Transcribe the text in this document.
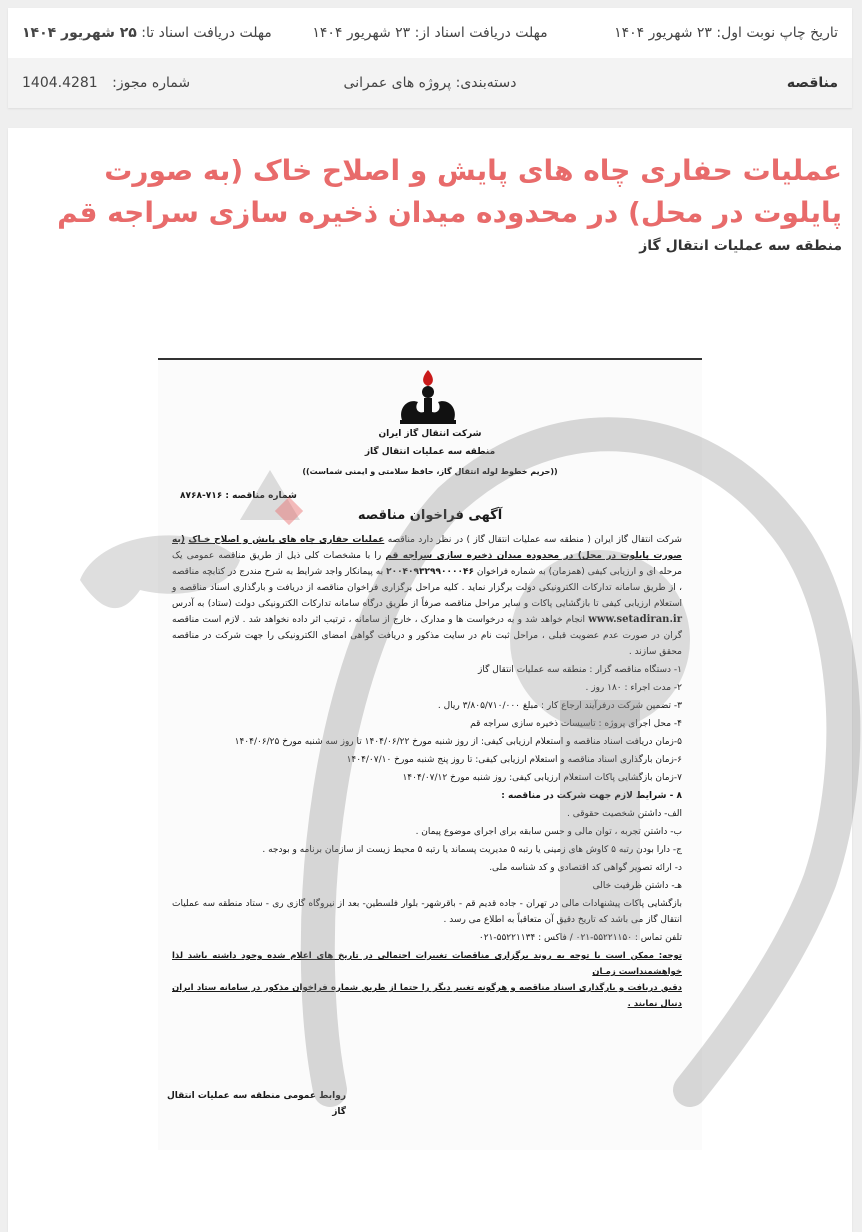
تاریخ چاپ نوبت اول: ۲۳ شهریور ۱۴۰۴
مهلت دریافت اسناد از: ۲۳ شهریور ۱۴۰۴
مهلت دریافت اسناد تا: ۲۵ شهریور ۱۴۰۴
مناقصه
دسته‌بندی: پروژه های عمرانی
شماره مجوز: 1404.4281
عملیات حفاری چاه های پایش و اصلاح خاک (به صورت پایلوت در محل) در محدوده میدان ذخیره سازی سراجه قم
منطقه سه عملیات انتقال گاز
شرکت انتقال گاز ایران
منطقه سه عملیات انتقال گاز
((حریم خطوط لوله انتقال گاز، حافظ سلامتی و ایمنی شماست))
شماره مناقصه : ۷۱۶-۸۷۶۸
آگهی فراخوان مناقصه

شرکت انتقال گاز ایران ( منطقه سه عملیات انتقال گاز ) در نظر دارد مناقصه عملیات حفاری چاه های پایش و اصلاح خـاک (به صورت پایلوت در محل) در محدوده میدان ذخیره سازی سراجه قم را با مشخصات کلی ذیل از طریق مناقصه عمومی یک مرحله ای و ارزیابی کیفی (همزمان) به شماره فراخوان ۲۰۰۴۰۹۳۲۹۹۰۰۰۰۴۶ به پیمانکار واجد شرایط به شرح مندرج در کتابچه مناقصه ، از طریق سامانه تدارکات الکترونیکی دولت برگزار نماید . کلیه مراحل برگزاری فراخوان مناقصه از دریافت و بارگذاری اسناد مناقصه و استعلام ارزیابی کیفی تا بازگشایی پاکات و سایر مراحل مناقصه صرفاً از طریق درگاه سامانه تدارکات الکترونیکی دولت (ستاد) به آدرس www.setadiran.ir انجام خواهد شد و به درخواست ها و مدارک ، خارج از سامانه ، ترتیب اثر داده نخواهد شد . لازم است مناقصه گران در صورت عدم عضویت قبلی ، مراحل ثبت نام در سایت مذکور و دریافت گواهی امضای الکترونیکی را جهت شرکت در مناقصه محقق سازند .

۱- دستگاه مناقصه گزار : منطقه سه عملیات انتقال گاز

۲- مدت اجراء : ۱۸۰ روز .

۳- تضمین شرکت درفرآیند ارجاع کار : مبلغ ۳/۸۰۵/۷۱۰/۰۰۰ ریال .

۴- محل اجرای پروژه : تاسیسات ذخیره سازی سراجه قم

۵-زمان دریافت اسناد مناقصه و استعلام ارزیابی کیفی: از روز شنبه مورخ ۱۴۰۴/۰۶/۲۲ تا روز سه شنبه مورخ ۱۴۰۴/۰۶/۲۵

۶-زمان بارگذاری اسناد مناقصه و استعلام ارزیابی کیفی: تا روز پنج شنبه مورخ ۱۴۰۴/۰۷/۱۰

۷-زمان بازگشایی پاکات استعلام ارزیابی کیفی: روز شنبه مورخ ۱۴۰۴/۰۷/۱۲

۸ - شرایط لازم جهت شرکت در مناقصه :

الف- داشتن شخصیت حقوقی .

ب- داشتن تجربه ، توان مالی و حسن سابقه برای اجرای موضوع پیمان .

ج- دارا بودن رتبه ۵ کاوش های زمینی یا رتبه ۵ مدیریت پسماند یا رتبه ۵ محیط زیست از سازمان برنامه و بودجه .

د- ارائه تصویر گواهی کد اقتصادی و کد شناسه ملی.

هـ- داشتن ظرفیت خالی

بازگشایی پاکات پیشنهادات مالی در تهران - جاده قدیم قم - باقرشهر- بلوار فلسطین- بعد از نیروگاه گازی ری - ستاد منطقه سه عملیات انتقال گاز می باشد که تاریخ دقیق آن متعاقباً به اطلاع می رسد .

تلفن تماس : ۵۵۲۲۱۱۵۰-۰۲۱ / فاکس : ۵۵۲۲۱۱۳۴-۰۲۱

توجه: ممکن است با توجه به روند برگزاری مناقصات تغییرات احتمالی در تاریخ های اعلام شده وجود داشته باشد لذا خواهشمنداست زمـان

دقیق دریافت و بارگذاری اسناد مناقصه و هرگونه تغییر دیگر را حتما از طریق شماره فراخوان مذکور در سامانه ستاد ایران دنبال نمایند .

روابط عمومی منطقه سه عملیات انتقال گاز
